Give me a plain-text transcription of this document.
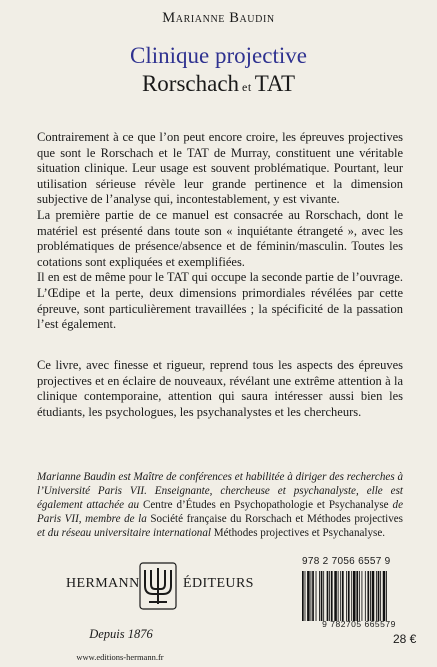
Marianne Baudin
Clinique projective
Rorschach et TAT

Contrairement à ce que l’on peut encore croire, les épreuves projectives que sont le Rorschach et le TAT de Murray, constituent une véritable situation clinique. Leur usage est souvent problématique. Pourtant, leur utilisation sérieuse révèle leur grande pertinence et la dimension subjective de l’analyse qui, incontestablement, y est vivante.

La première partie de ce manuel est consacrée au Rorschach, dont le matériel est présenté dans toute son « inquiétante étrangeté », avec les problématiques de présence/absence et de féminin/masculin. Toutes les cotations sont expliquées et exemplifiées.

Il en est de même pour le TAT qui occupe la seconde partie de l’ouvrage. L’Œdipe et la perte, deux dimensions primordiales révélées par cette épreuve, sont particulièrement travaillées ; la spécificité de la passation l’est également.

Ce livre, avec finesse et rigueur, reprend tous les aspects des épreuves projectives et en éclaire de nouveaux, révélant une extrême attention à la clinique contemporaine, attention qui saura intéresser aussi bien les étudiants, les psychologues, les psychanalystes et les chercheurs.

Marianne Baudin est Maître de conférences et habilitée à diriger des recherches à l’Université Paris VII. Enseignante, chercheuse et psychanalyste, elle est également attachée au Centre d’Études en Psychopathologie et Psychanalyse de Paris VII, membre de la Société française du Rorschach et Méthodes projectives et du réseau universitaire international Méthodes projectives et Psychanalyse.

HERMANN	ÉDITEURS
Depuis 1876
www.editions-hermann.fr
978 2 7056 6557 9
9 782705 665579
28 €
